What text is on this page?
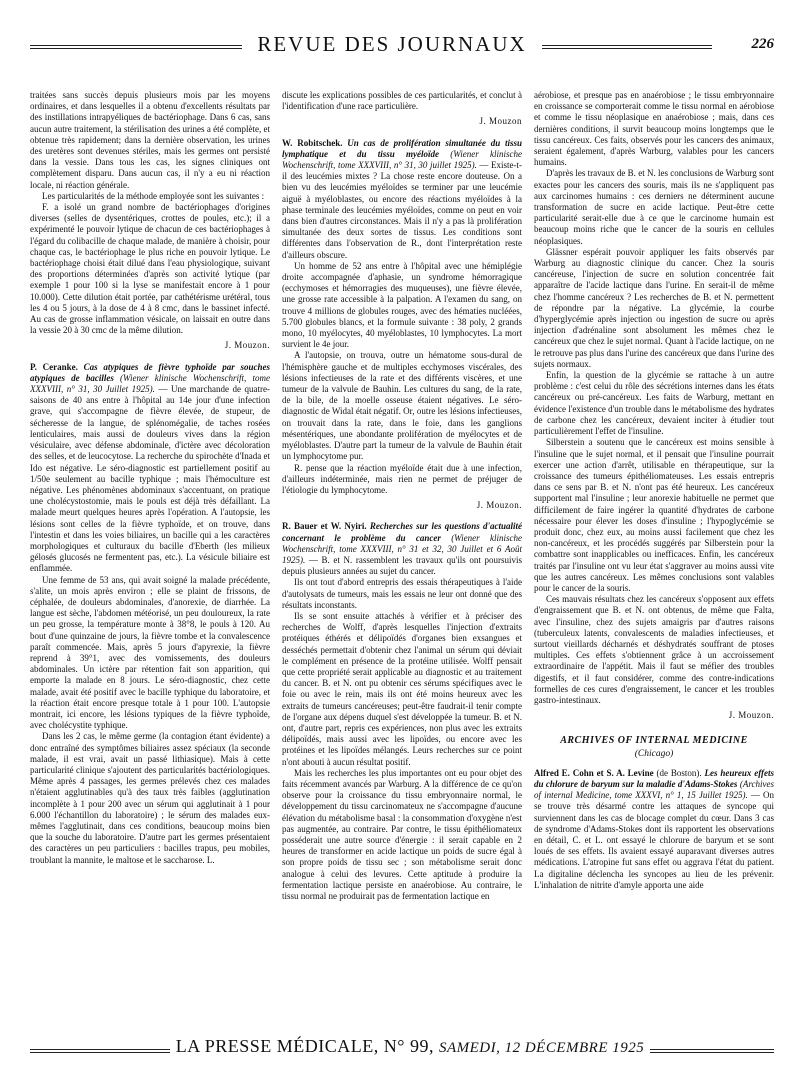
REVUE DES JOURNAUX	226

traitées sans succès depuis plusieurs mois par les moyens ordinaires, et dans lesquelles il a obtenu d'excellents résultats par des instillations intrapyéliques de bactériophage. Dans 6 cas, sans aucun autre traitement, la stérilisation des urines a été complète, et obtenue très rapidement; dans la dernière observation, les urines des uretères sont devenues stériles, mais les germes ont persisté dans la vessie. Dans tous les cas, les signes cliniques ont complètement disparu. Dans aucun cas, il n'y a eu ni réaction locale, ni réaction générale.

Les particularités de la méthode employée sont les suivantes :

F. a isolé un grand nombre de bactériophages d'origines diverses (selles de dysentériques, crottes de poules, etc.); il a expérimenté le pouvoir lytique de chacun de ces bactériophages à l'égard du colibacille de chaque malade, de manière à choisir, pour chaque cas, le bactériophage le plus riche en pouvoir lytique. Le bactériophage choisi était dilué dans l'eau physiologique, suivant des proportions déterminées d'après son activité lytique (par exemple 1 pour 100 si la lyse se manifestait encore à 1 pour 10.000). Cette dilution était portée, par cathétérisme urétéral, tous les 4 ou 5 jours, à la dose de 4 à 8 cmc, dans le bassinet infecté. Au cas de grosse inflammation vésicale, on laissait en outre dans la vessie 20 à 30 cmc de la même dilution.

J. Mouzon.

P. Ceranke. Cas atypiques de fièvre typhoïde par souches atypiques de bacilles (Wiener klinische Wochenschrift, tome XXXVIII, n° 31, 30 Juillet 1925). — Une marchande de quatre-saisons de 40 ans entre à l'hôpital au 14e jour d'une infection grave, qui s'accompagne de fièvre élevée, de stupeur, de sécheresse de la langue, de splénomégalie, de taches rosées lenticulaires, mais aussi de douleurs vives dans la région vésiculaire, avec défense abdominale, d'ictère avec décoloration des selles, et de leucocytose. La recherche du spirochète d'Inada et Ido est négative. Le séro-diagnostic est partiellement positif au 1/50e seulement au bacille typhique ; mais l'hémoculture est négative. Les phénomènes abdominaux s'accentuant, on pratique une cholécystostomie, mais le pouls est déjà très défaillant. La malade meurt quelques heures après l'opération. A l'autopsie, les lésions sont celles de la fièvre typhoïde, et on trouve, dans l'intestin et dans les voies biliaires, un bacille qui a les caractères morphologiques et culturaux du bacille d'Eberth (les milieux gélosés glucosés ne fermentent pas, etc.). La vésicule biliaire est enflammée.

Une femme de 53 ans, qui avait soigné la malade précédente, s'alite, un mois après environ ; elle se plaint de frissons, de céphalée, de douleurs abdominales, d'anorexie, de diarrhée. La langue est sèche, l'abdomen météorisé, un peu douloureux, la rate un peu grosse, la température monte à 38°8, le pouls à 120. Au bout d'une quinzaine de jours, la fièvre tombe et la convalescence paraît commencée. Mais, après 5 jours d'apyrexie, la fièvre reprend à 39°1, avec des vomissements, des douleurs abdominales. Un ictère par rétention fait son apparition, qui emporte la malade en 8 jours. Le séro-diagnostic, chez cette malade, avait été positif avec le bacille typhique du laboratoire, et la réaction était encore presque totale à 1 pour 100. L'autopsie montrait, ici encore, les lésions typiques de la fièvre typhoïde, avec cholécystite typhique.

Dans les 2 cas, le même germe (la contagion étant évidente) a donc entraîné des symptômes biliaires assez spéciaux (la seconde malade, il est vrai, avait un passé lithiasique). Mais à cette particularité clinique s'ajoutent des particularités bactériologiques. Même après 4 passages, les germes prélevés chez ces malades n'étaient agglutinables qu'à des taux très faibles (agglutination incomplète à 1 pour 200 avec un sérum qui agglutinait à 1 pour 6.000 l'échantillon du laboratoire) ; le sérum des malades eux-mêmes l'agglutinait, dans ces conditions, beaucoup moins bien que la souche du laboratoire. D'autre part les germes présentaient des caractères un peu particuliers : bacilles trapus, peu mobiles, troublant la mannite, le maltose et le saccharose. L.

discute les explications possibles de ces particularités, et conclut à l'identification d'une race particulière.

J. Mouzon

W. Robitschek. Un cas de prolifération simultanée du tissu lymphatique et du tissu myéloïde (Wiener klinische Wochenschrift, tome XXXVIII, n° 31, 30 juillet 1925). — Existe-t-il des leucémies mixtes ? La chose reste encore douteuse. On a bien vu des leucémies myéloïdes se terminer par une leucémie aiguë à myéloblastes, ou encore des réactions myéloïdes à la phase terminale des leucémies myéloïdes, comme on peut en voir dans bien d'autres circonstances. Mais il n'y a pas là prolifération simultanée des deux sortes de tissus. Les conditions sont différentes dans l'observation de R., dont l'interprétation reste d'ailleurs obscure.

Un homme de 52 ans entre à l'hôpital avec une hémiplégie droite accompagnée d'aphasie, un syndrome hémorragique (ecchymoses et hémorragies des muqueuses), une fièvre élevée, une grosse rate accessible à la palpation. A l'examen du sang, on trouve 4 millions de globules rouges, avec des hématies nucléées, 5.700 globules blancs, et la formule suivante : 38 poly, 2 grands mono, 10 myélocytes, 40 myéloblastes, 10 lymphocytes. La mort survient le 4e jour.

A l'autopsie, on trouva, outre un hématome sous-dural de l'hémisphère gauche et de multiples ecchymoses viscérales, des lésions infectieuses de la rate et des différents viscères, et une tumeur de la valvule de Bauhin. Les cultures du sang, de la rate, de la bile, de la moelle osseuse étaient négatives. Le séro-diagnostic de Widal était négatif. Or, outre les lésions infectieuses, on trouvait dans la rate, dans le foie, dans les ganglions mésentériques, une abondante prolifération de myélocytes et de myéloblastes. D'autre part la tumeur de la valvule de Bauhin était un lymphocytome pur.

R. pense que la réaction myéloïde était due à une infection, d'ailleurs indéterminée, mais rien ne permet de préjuger de l'étiologie du lymphocytome.

J. Mouzon.

R. Bauer et W. Nyiri. Recherches sur les questions d'actualité concernant le problème du cancer (Wiener klinische Wochenschrift, tome XXXVIII, n° 31 et 32, 30 Juillet et 6 Août 1925). — B. et N. rassemblent les travaux qu'ils ont poursuivis depuis plusieurs années au sujet du cancer.

Ils ont tout d'abord entrepris des essais thérapeutiques à l'aide d'autolysats de tumeurs, mais les essais ne leur ont donné que des résultats inconstants.

Ils se sont ensuite attachés à vérifier et à préciser des recherches de Wolff, d'après lesquelles l'injection d'extraits protéiques éthérés et délipoïdés d'organes bien exsangues et desséchés permettait d'obtenir chez l'animal un sérum qui déviait le complément en présence de la protéine utilisée. Wolff pensait que cette propriété serait applicable au diagnostic et au traitement du cancer. B. et N. ont pu obtenir ces sérums spécifiques avec le foie ou avec le rein, mais ils ont été moins heureux avec les extraits de tumeurs cancéreuses; peut-être faudrait-il tenir compte de l'organe aux dépens duquel s'est développée la tumeur. B. et N. ont, d'autre part, repris ces expériences, non plus avec les extraits délipoïdés, mais aussi avec les lipoïdes, ou encore avec les protéines et les lipoïdes mélangés. Leurs recherches sur ce point n'ont abouti à aucun résultat positif.

Mais les recherches les plus importantes ont eu pour objet des faits récemment avancés par Warburg. A la différence de ce qu'on observe pour la croissance du tissu embryonnaire normal, le développement du tissu carcinomateux ne s'accompagne d'aucune élévation du métabolisme basal : la consommation d'oxygène n'est pas augmentée, au contraire. Par contre, le tissu épithéliomateux posséderait une autre source d'énergie : il serait capable en 2 heures de transformer en acide lactique un poids de sucre égal à son propre poids de tissu sec ; son métabolisme serait donc analogue à celui des levures. Cette aptitude à produire la fermentation lactique persiste en anaérobiose. Au contraire, le tissu normal ne produirait pas de fermentation lactique en

aérobiose, et presque pas en anaérobiose ; le tissu embryonnaire en croissance se comporterait comme le tissu normal en aérobiose et comme le tissu néoplasique en anaérobiose ; mais, dans ces dernières conditions, il survit beaucoup moins longtemps que le tissu cancéreux. Ces faits, observés pour les cancers des animaux, seraient également, d'après Warburg, valables pour les cancers humains.

D'après les travaux de B. et N. les conclusions de Warburg sont exactes pour les cancers des souris, mais ils ne s'appliquent pas aux carcinomes humains : ces derniers ne déterminent aucune transformation de sucre en acide lactique. Peut-être cette particularité serait-elle due à ce que le carcinome humain est beaucoup moins riche que le cancer de la souris en cellules néoplasiques.

Glässner espérait pouvoir appliquer les faits observés par Warburg au diagnostic clinique du cancer. Chez la souris cancéreuse, l'injection de sucre en solution concentrée fait apparaître de l'acide lactique dans l'urine. En serait-il de même chez l'homme cancéreux ? Les recherches de B. et N. permettent de répondre par la négative. La glycémie, la courbe d'hyperglycémie après injection ou ingestion de sucre ou après injection d'adrénaline sont absolument les mêmes chez le cancéreux que chez le sujet normal. Quant à l'acide lactique, on ne le retrouve pas plus dans l'urine des cancéreux que dans l'urine des sujets normaux.

Enfin, la question de la glycémie se rattache à un autre problème : c'est celui du rôle des sécrétions internes dans les états cancéreux ou pré-cancéreux. Les faits de Warburg, mettant en évidence l'existence d'un trouble dans le métabolisme des hydrates de carbone chez les cancéreux, devaient inciter à étudier tout particulièrement l'effet de l'insuline.

Silberstein a soutenu que le cancéreux est moins sensible à l'insuline que le sujet normal, et il pensait que l'insuline pourrait exercer une action d'arrêt, utilisable en thérapeutique, sur la croissance des tumeurs épithéliomateuses. Les essais entrepris dans ce sens par B. et N. n'ont pas été heureux. Les cancéreux supportent mal l'insuline ; leur anorexie habituelle ne permet que difficilement de faire ingérer la quantité d'hydrates de carbone nécessaire pour élever les doses d'insuline ; l'hypoglycémie se produit donc, chez eux, au moins aussi facilement que chez les non-cancéreux, et les procédés suggérés par Silberstein pour la combattre sont inapplicables ou inefficaces. Enfin, les cancéreux traités par l'insuline ont vu leur état s'aggraver au moins aussi vite que les autres cancéreux. Les mêmes conclusions sont valables pour le cancer de la souris.

Ces mauvais résultats chez les cancéreux s'opposent aux effets d'engraissement que B. et N. ont obtenus, de même que Falta, avec l'insuline, chez des sujets amaigris par d'autres raisons (tuberculeux latents, convalescents de maladies infectieuses, et surtout vieillards décharnés et déshydratés souffrant de ptoses multiples. Ces effets s'obtiennent grâce à un accroissement extraordinaire de l'appétit. Mais il faut se méfier des troubles digestifs, et il faut considérer, comme des contre-indications formelles de ces cures d'engraissement, le cancer et les troubles gastro-intestinaux.

J. Mouzon.
ARCHIVES OF INTERNAL MEDICINE
(Chicago)

Alfred E. Cohn et S. A. Levine (de Boston). Les heureux effets du chlorure de baryum sur la maladie d'Adams-Stokes (Archives of internal Medicine, tome XXXVI, n° 1, 15 Juillet 1925). — On se trouve très désarmé contre les attaques de syncope qui surviennent dans les cas de blocage complet du cœur. Dans 3 cas de syndrome d'Adams-Stokes dont ils rapportent les observations en détail, C. et L. ont essayé le chlorure de baryum et se sont loués de ses effets. Ils avaient essayé auparavant diverses autres médications. L'atropine fut sans effet ou aggrava l'état du patient. La digitaline déclencha les syncopes au lieu de les prévenir. L'inhalation de nitrite d'amyle apporta une aide

LA PRESSE MÉDICALE, N° 99, SAMEDI, 12 DÉCEMBRE 1925
